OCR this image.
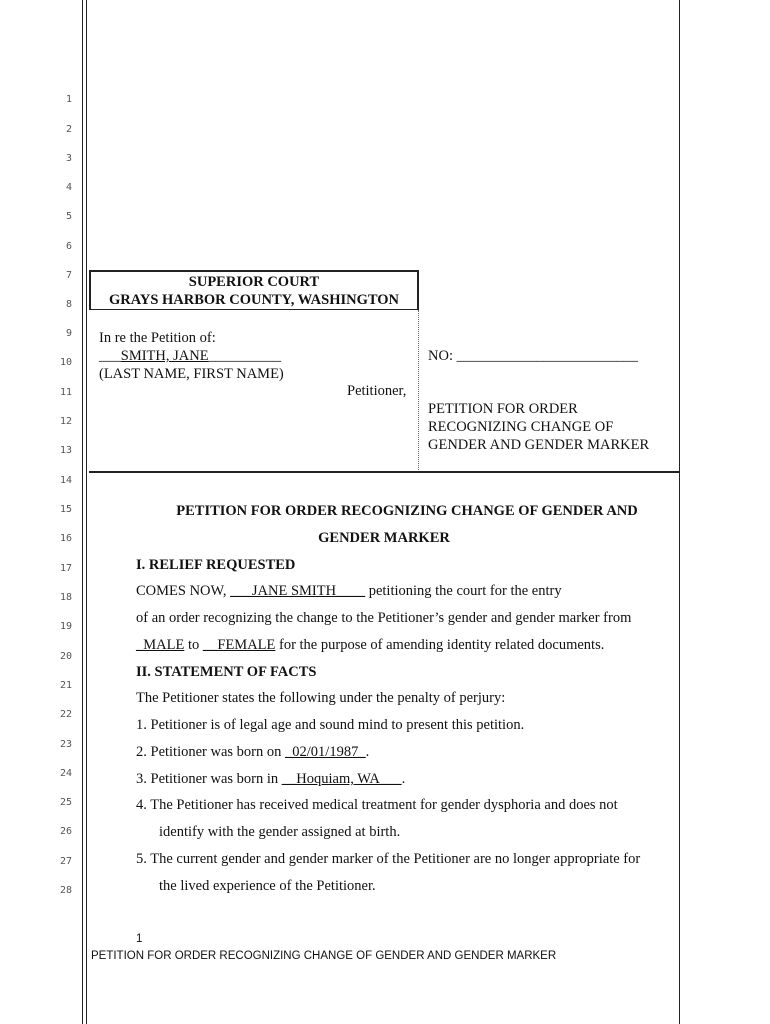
1
2
3
4
5
6
7
8
9
10
11
12
13
14
15
16
17
18
19
20
21
22
23
24
25
26
27
28
SUPERIOR COURT
GRAYS HARBOR COUNTY, WASHINGTON
In re the Petition of:
___SMITH, JANE__________
(LAST NAME, FIRST NAME)
Petitioner,
NO: _________________________
PETITION FOR ORDER
RECOGNIZING CHANGE OF
GENDER AND GENDER MARKER
PETITION FOR ORDER RECOGNIZING CHANGE OF GENDER AND
GENDER MARKER
I. RELIEF REQUESTED
COMES NOW, ___JANE SMITH____ petitioning the court for the entry
of an order recognizing the change to the Petitioner’s gender and gender marker from
_MALE to __FEMALE for the purpose of amending identity related documents.
II. STATEMENT OF FACTS
The Petitioner states the following under the penalty of perjury:
1. Petitioner is of legal age and sound mind to present this petition.
2. Petitioner was born on _02/01/1987_.
3. Petitioner was born in __Hoquiam, WA___.
4. The Petitioner has received medical treatment for gender dysphoria and does not
identify with the gender assigned at birth.
5. The current gender and gender marker of the Petitioner are no longer appropriate for
the lived experience of the Petitioner.
1
PETITION FOR ORDER RECOGNIZING CHANGE OF GENDER AND GENDER MARKER
